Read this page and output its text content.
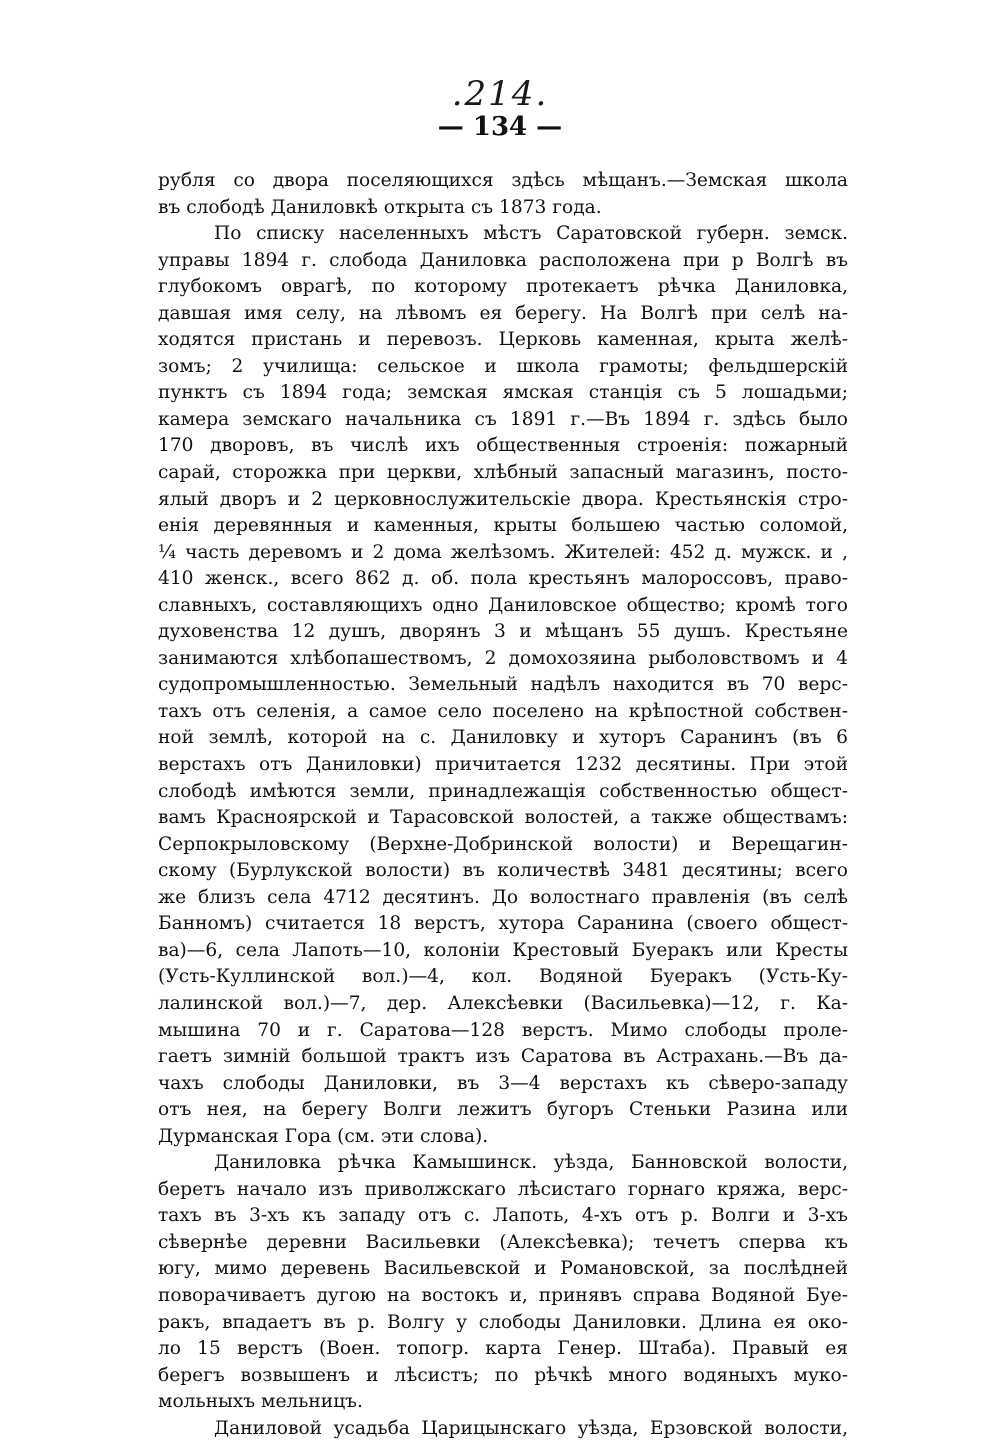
.214.
— 134 —
рубля со двора поселяющихся здѣсь мѣщанъ.—Земская школа
въ слободѣ Даниловкѣ открыта съ 1873 года.
По списку населенныхъ мѣстъ Саратовской губерн. земск.
управы 1894 г. слобода Даниловка расположена при р Волгѣ въ
глубокомъ оврагѣ, по которому протекаетъ рѣчка Даниловка,
давшая имя селу, на лѣвомъ ея берегу. На Волгѣ при селѣ на-
ходятся пристань и перевозъ. Церковь каменная, крыта желѣ-
зомъ; 2 училища: сельское и школа грамоты; фельдшерскій
пунктъ съ 1894 года; земская ямская станція съ 5 лошадьми;
камера земскаго начальника съ 1891 г.—Въ 1894 г. здѣсь было
170 дворовъ, въ числѣ ихъ общественныя строенія: пожарный
сарай, сторожка при церкви, хлѣбный запасный магазинъ, посто-
ялый дворъ и 2 церковнослужительскіе двора. Крестьянскія стро-
енія деревянныя и каменныя, крыты большею частью соломой,
¼ часть деревомъ и 2 дома желѣзомъ. Жителей: 452 д. мужск. и ,
410 женск., всего 862 д. об. пола крестьянъ малороссовъ, право-
славныхъ, составляющихъ одно Даниловское общество; кромѣ того
духовенства 12 душъ, дворянъ 3 и мѣщанъ 55 душъ. Крестьяне
занимаются хлѣбопашествомъ, 2 домохозяина рыболовствомъ и 4
судопромышленностью. Земельный надѣлъ находится въ 70 верс-
тахъ отъ селенія, а самое село поселено на крѣпостной собствен-
ной землѣ, которой на с. Даниловку и хуторъ Саранинъ (въ 6
верстахъ отъ Даниловки) причитается 1232 десятины. При этой
слободѣ имѣются земли, принадлежащія собственностью общест-
вамъ Красноярской и Тарасовской волостей, а также обществамъ:
Серпокрыловскому (Верхне-Добринской волости) и Верещагин-
скому (Бурлукской волости) въ количествѣ 3481 десятины; всего
же близъ села 4712 десятинъ. До волостнаго правленія (въ селѣ
Банномъ) считается 18 верстъ, хутора Саранина (своего общест-
ва)—6, села Лапоть—10, колоніи Крестовый Буеракъ или Кресты
(Усть-Куллинской вол.)—4, кол. Водяной Буеракъ (Усть-Ку-
лалинской вол.)—7, дер. Алексѣевки (Васильевка)—12, г. Ка-
мышина 70 и г. Саратова—128 верстъ. Мимо слободы проле-
гаетъ зимній большой трактъ изъ Саратова въ Астрахань.—Въ да-
чахъ слободы Даниловки, въ 3—4 верстахъ къ сѣверо-западу
отъ нея, на берегу Волги лежитъ бугоръ Стеньки Разина или
Дурманская Гора (см. эти слова).
Даниловка рѣчка Камышинск. уѣзда, Банновской волости,
беретъ начало изъ приволжскаго лѣсистаго горнаго кряжа, верс-
тахъ въ 3-хъ къ западу отъ с. Лапоть, 4-хъ отъ р. Волги и 3-хъ
сѣвернѣе деревни Васильевки (Алексѣевка); течетъ сперва къ
югу, мимо деревень Васильевской и Романовской, за послѣдней
поворачиваетъ дугою на востокъ и, принявъ справа Водяной Буе-
ракъ, впадаетъ въ р. Волгу у слободы Даниловки. Длина ея око-
ло 15 верстъ (Воен. топогр. карта Генер. Штаба). Правый ея
берегъ возвышенъ и лѣсистъ; по рѣчкѣ много водяныхъ муко-
мольныхъ мельницъ.
Даниловой усадьба Царицынскаго уѣзда, Ерзовской волости,
